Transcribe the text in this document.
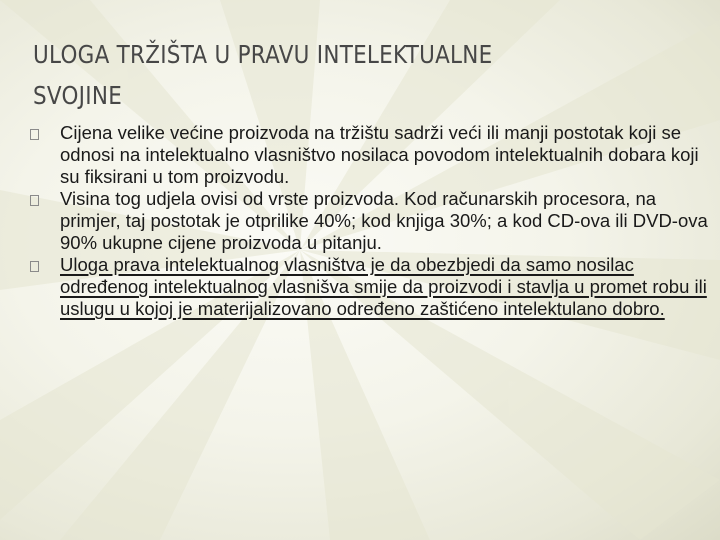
ULOGA TRŽIŠTA U PRAVU INTELEKTUALNE SVOJINE
Cijena velike većine proizvoda na tržištu sadrži veći ili manji postotak koji se odnosi na intelektualno vlasništvo nosilaca povodom intelektualnih dobara koji su fiksirani u tom proizvodu.
Visina tog udjela ovisi od vrste proizvoda. Kod računarskih procesora, na primjer, taj postotak je otprilike 40%; kod knjiga 30%; a kod CD-ova ili DVD-ova 90% ukupne cijene proizvoda u pitanju.
Uloga prava intelektualnog vlasništva je da obezbjedi da samo nosilac određenog intelektualnog vlasnišva smije da proizvodi i stavlja u promet robu ili uslugu u kojoj je materijalizovano određeno zaštićeno intelektulano dobro.
